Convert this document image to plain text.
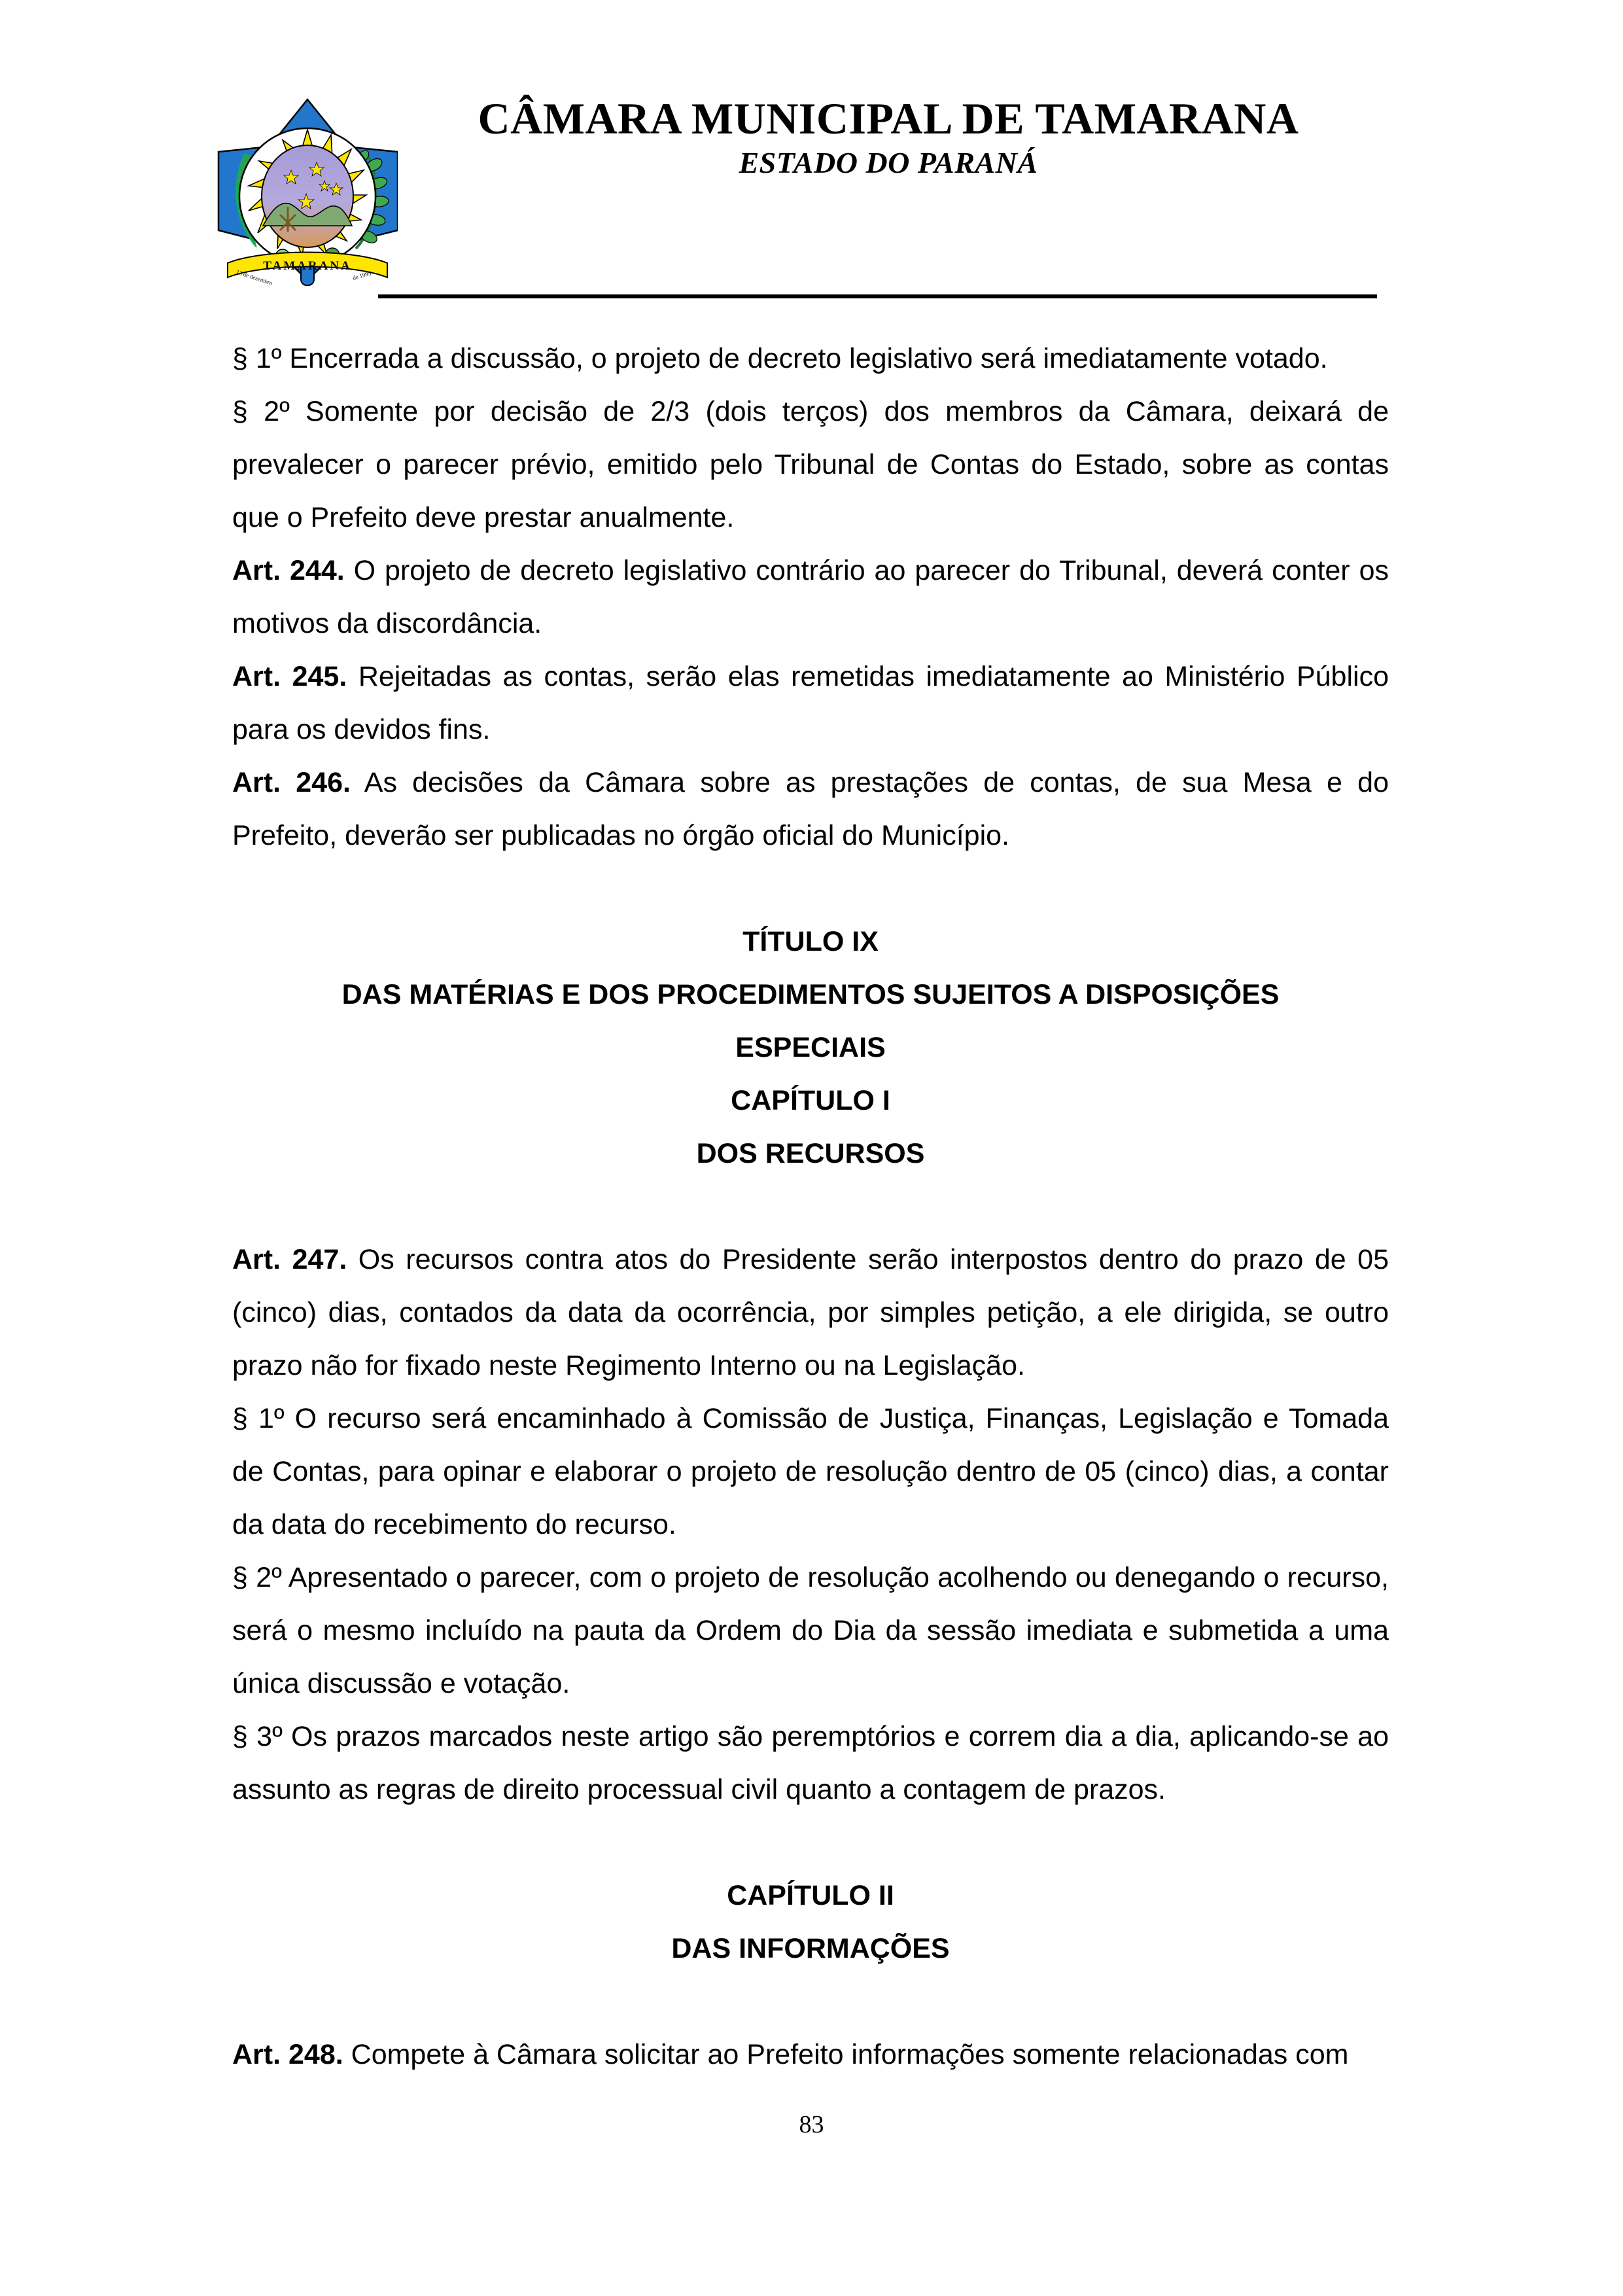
TAMARANA
13 de dezembro	de 1995
CÂMARA MUNICIPAL DE TAMARANA
ESTADO DO PARANÁ

§ 1º Encerrada a discussão, o projeto de decreto legislativo será imediatamente votado.

§ 2º Somente por decisão de 2/3 (dois terços) dos membros da Câmara, deixará de prevalecer o parecer prévio, emitido pelo Tribunal de Contas do Estado, sobre as contas que o Prefeito deve prestar anualmente.

Art. 244. O projeto de decreto legislativo contrário ao parecer do Tribunal, deverá conter os motivos da discordância.

Art. 245. Rejeitadas as contas, serão elas remetidas imediatamente ao Ministério Público para os devidos fins.

Art. 246. As decisões da Câmara sobre as prestações de contas, de sua Mesa e do Prefeito, deverão ser publicadas no órgão oficial do Município.

TÍTULO IX
DAS MATÉRIAS E DOS PROCEDIMENTOS SUJEITOS A DISPOSIÇÕES
ESPECIAIS
CAPÍTULO I
DOS RECURSOS

Art. 247. Os recursos contra atos do Presidente serão interpostos dentro do prazo de 05 (cinco) dias, contados da data da ocorrência, por simples petição, a ele dirigida, se outro prazo não for fixado neste Regimento Interno ou na Legislação.

§ 1º O recurso será encaminhado à Comissão de Justiça, Finanças, Legislação e Tomada de Contas, para opinar e elaborar o projeto de resolução dentro de 05 (cinco) dias, a contar da data do recebimento do recurso.

§ 2º Apresentado o parecer, com o projeto de resolução acolhendo ou denegando o recurso, será o mesmo incluído na pauta da Ordem do Dia da sessão imediata e submetida a uma única discussão e votação.

§ 3º Os prazos marcados neste artigo são peremptórios e correm dia a dia, aplicando-se ao assunto as regras de direito processual civil quanto a contagem de prazos.

CAPÍTULO II
DAS INFORMAÇÕES

Art. 248. Compete à Câmara solicitar ao Prefeito informações somente relacionadas com

83
